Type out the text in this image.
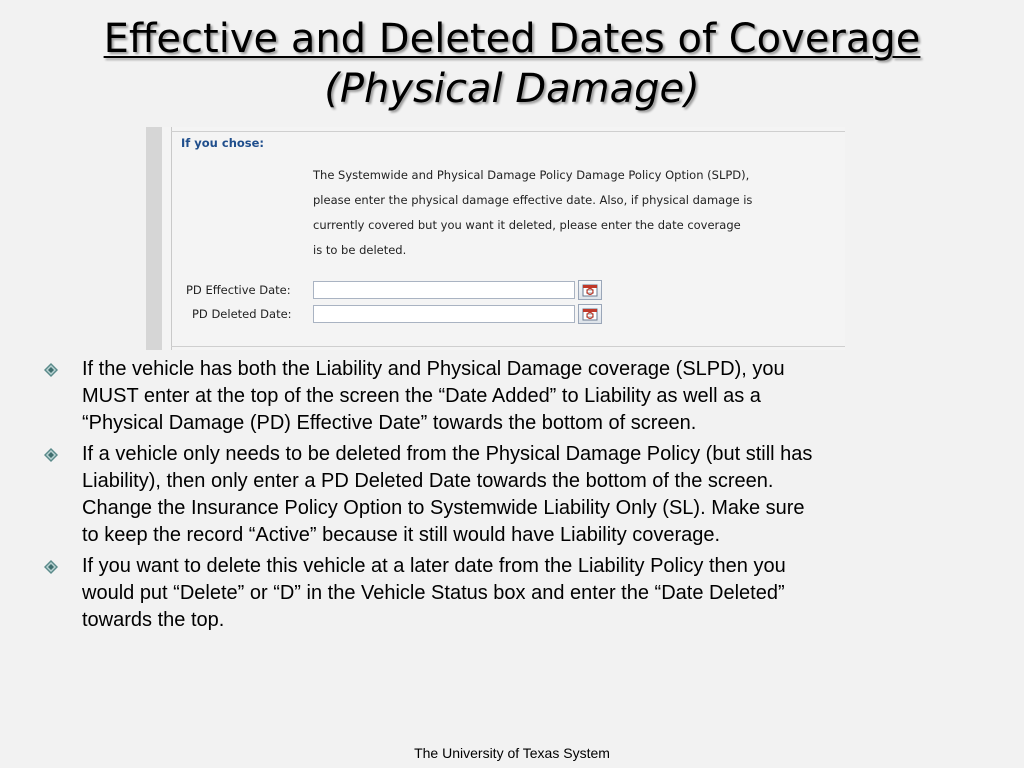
Effective and Deleted Dates of Coverage
(Physical Damage)
If you chose:
The Systemwide and Physical Damage Policy Damage Policy Option (SLPD),
please enter the physical damage effective date. Also, if physical damage is
currently covered but you want it deleted, please enter the date coverage
is to be deleted.
PD Effective Date:
PD Deleted Date:
If the vehicle has both the Liability and Physical Damage coverage (SLPD), you
MUST enter at the top of the screen the “Date Added” to Liability as well as a
“Physical Damage (PD) Effective Date” towards the bottom of screen.
If a vehicle only needs to be deleted from the Physical Damage Policy (but still has
Liability), then only enter a PD Deleted Date towards the bottom of the screen.
Change the Insurance Policy Option to Systemwide Liability Only (SL). Make sure
to keep the record “Active” because it still would have Liability coverage.
If you want to delete this vehicle at a later date from the Liability Policy then you
would put “Delete” or “D” in the Vehicle Status box and enter the “Date Deleted”
towards the top.
The University of Texas System
